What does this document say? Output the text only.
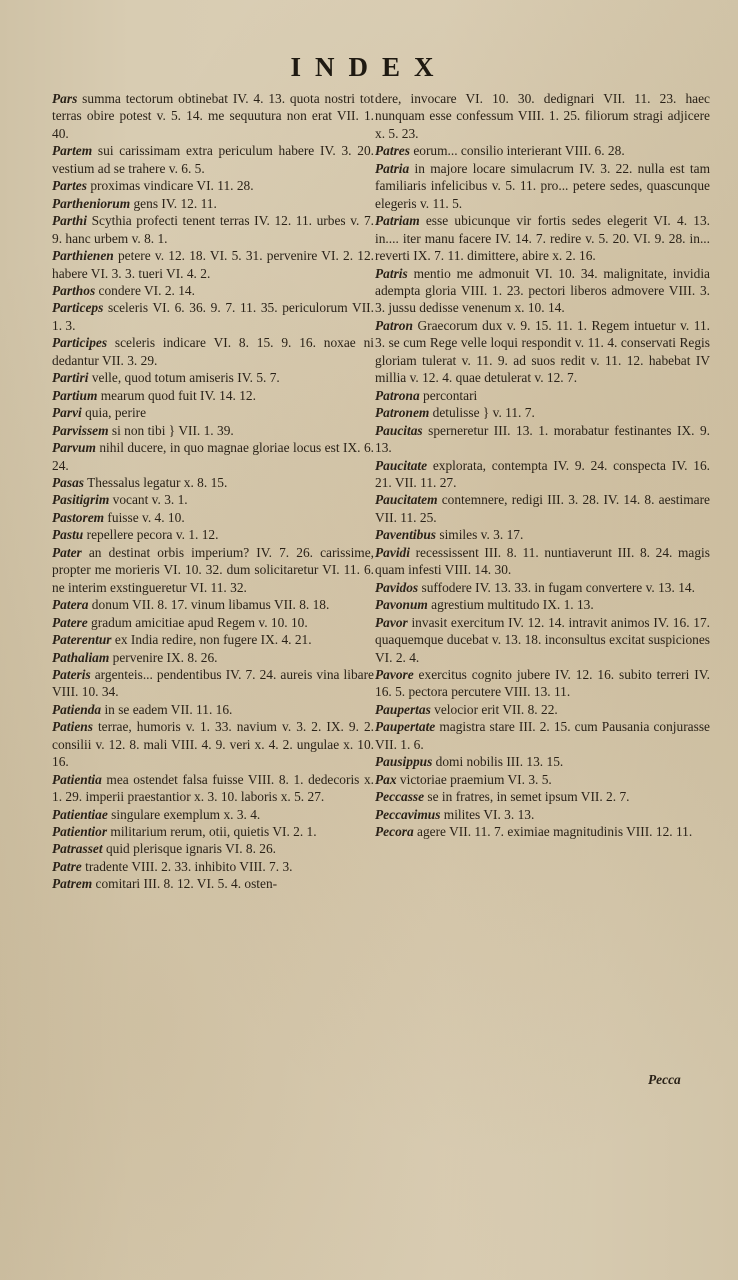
INDEX

Pars summa tectorum obtinebat IV. 4. 13. quota nostri tot terras obire potest v. 5. 14. me sequutura non erat VII. 1. 40.

Partem sui carissimam extra periculum habere IV. 3. 20. vestium ad se trahere v. 6. 5.

Partes proximas vindicare VI. 11. 28.

Partheniorum gens IV. 12. 11.

Parthi Scythia profecti tenent terras IV. 12. 11. urbes v. 7. 9. hanc urbem v. 8. 1.

Parthienen petere v. 12. 18. VI. 5. 31. pervenire VI. 2. 12. habere VI. 3. 3. tueri VI. 4. 2.

Parthos condere VI. 2. 14.

Particeps sceleris VI. 6. 36. 9. 7. 11. 35. periculorum VII. 1. 3.

Participes sceleris indicare VI. 8. 15. 9. 16. noxae ni dedantur VII. 3. 29.

Partiri velle, quod totum amiseris IV. 5. 7.

Partium mearum quod fuit IV. 14. 12.

Parvi quia, perire

Parvissem si non tibi } VII. 1. 39.

Parvum nihil ducere, in quo magnae gloriae locus est IX. 6. 24.

Pasas Thessalus legatur x. 8. 15.

Pasitigrim vocant v. 3. 1.

Pastorem fuisse v. 4. 10.

Pastu repellere pecora v. 1. 12.

Pater an destinat orbis imperium? IV. 7. 26. carissime, propter me morieris VI. 10. 32. dum solicitaretur VI. 11. 6. ne interim exstingueretur VI. 11. 32.

Patera donum VII. 8. 17. vinum libamus VII. 8. 18.

Patere gradum amicitiae apud Regem v. 10. 10.

Paterentur ex India redire, non fugere IX. 4. 21.

Pathaliam pervenire IX. 8. 26.

Pateris argenteis... pendentibus IV. 7. 24. aureis vina libare VIII. 10. 34.

Patienda in se eadem VII. 11. 16.

Patiens terrae, humoris v. 1. 33. navium v. 3. 2. IX. 9. 2. consilii v. 12. 8. mali VIII. 4. 9. veri x. 4. 2. ungulae x. 10. 16.

Patientia mea ostendet falsa fuisse VIII. 8. 1. dedecoris x. 1. 29. imperii praestantior x. 3. 10. laboris x. 5. 27.

Patientiae singulare exemplum x. 3. 4.

Patientior militarium rerum, otii, quietis VI. 2. 1.

Patrasset quid plerisque ignaris VI. 8. 26.

Patre tradente VIII. 2. 33. inhibito VIII. 7. 3.

Patrem comitari III. 8. 12. VI. 5. 4. osten-

dere, invocare VI. 10. 30. dedignari VII. 11. 23. haec nunquam esse confessum VIII. 1. 25. filiorum stragi adjicere x. 5. 23.

Patres eorum... consilio interierant VIII. 6. 28.

Patria in majore locare simulacrum IV. 3. 22. nulla est tam familiaris infelicibus v. 5. 11. pro... petere sedes, quascunque elegeris v. 11. 5.

Patriam esse ubicunque vir fortis sedes elegerit VI. 4. 13. in.... iter manu facere IV. 14. 7. redire v. 5. 20. VI. 9. 28. in... reverti IX. 7. 11. dimittere, abire x. 2. 16.

Patris mentio me admonuit VI. 10. 34. malignitate, invidia adempta gloria VIII. 1. 23. pectori liberos admovere VIII. 3. 3. jussu dedisse venenum x. 10. 14.

Patron Graecorum dux v. 9. 15. 11. 1. Regem intuetur v. 11. 3. se cum Rege velle loqui respondit v. 11. 4. conservati Regis gloriam tulerat v. 11. 9. ad suos redit v. 11. 12. habebat IV millia v. 12. 4. quae detulerat v. 12. 7.

Patrona percontari

Patronem detulisse } v. 11. 7.

Paucitas sperneretur III. 13. 1. morabatur festinantes IX. 9. 13.

Paucitate explorata, contempta IV. 9. 24. conspecta IV. 16. 21. VII. 11. 27.

Paucitatem contemnere, redigi III. 3. 28. IV. 14. 8. aestimare VII. 11. 25.

Paventibus similes v. 3. 17.

Pavidi recessissent III. 8. 11. nuntiaverunt III. 8. 24. magis quam infesti VIII. 14. 30.

Pavidos suffodere IV. 13. 33. in fugam convertere v. 13. 14.

Pavonum agrestium multitudo IX. 1. 13.

Pavor invasit exercitum IV. 12. 14. intravit animos IV. 16. 17. quaquemque ducebat v. 13. 18. inconsultus excitat suspiciones VI. 2. 4.

Pavore exercitus cognito jubere IV. 12. 16. subito terreri IV. 16. 5. pectora percutere VIII. 13. 11.

Paupertas velocior erit VII. 8. 22.

Paupertate magistra stare III. 2. 15. cum Pausania conjurasse VII. 1. 6.

Pausippus domi nobilis III. 13. 15.

Pax victoriae praemium VI. 3. 5.

Peccasse se in fratres, in semet ipsum VII. 2. 7.

Peccavimus milites VI. 3. 13.

Pecora agere VII. 11. 7. eximiae magnitudinis VIII. 12. 11.

Pecca
